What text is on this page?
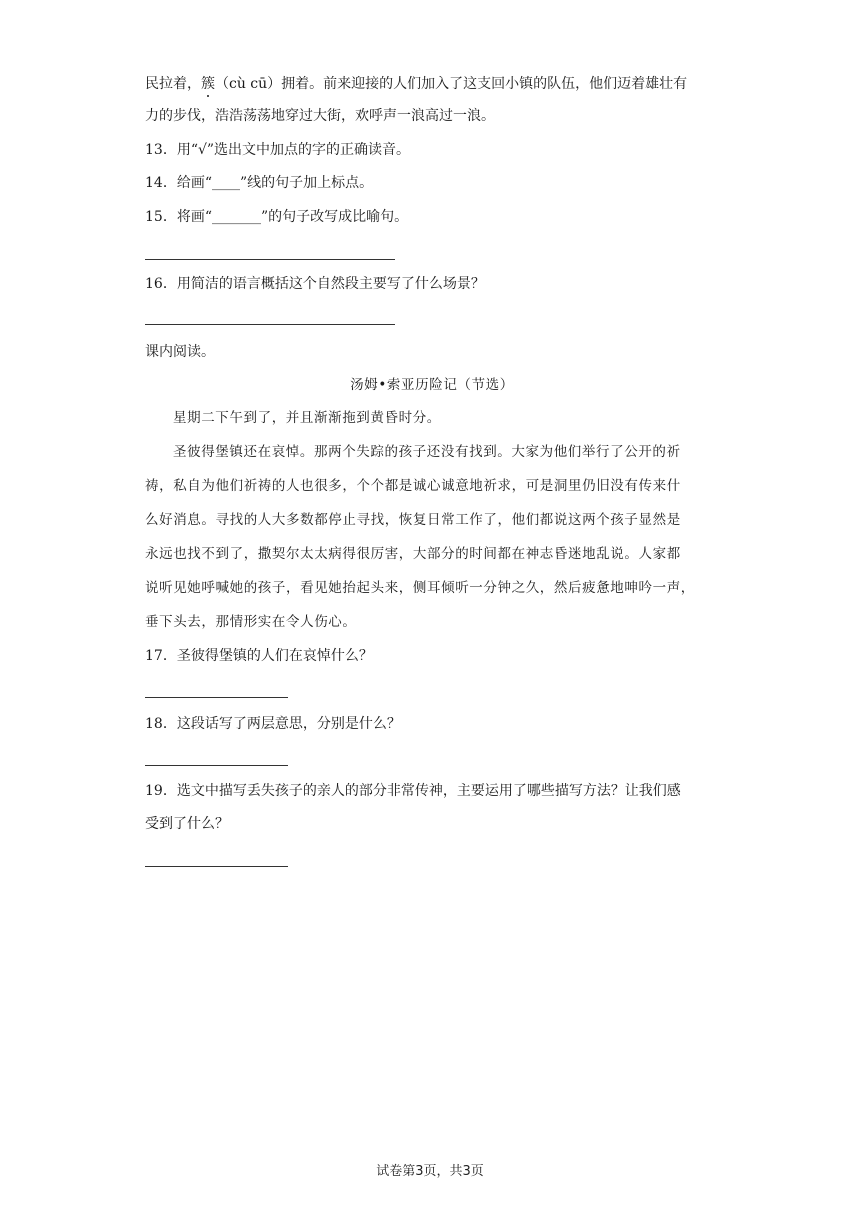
民拉着，簇（cù cū）拥着。前来迎接的人们加入了这支回小镇的队伍，他们迈着雄壮有
力的步伐，浩浩荡荡地穿过大街，欢呼声一浪高过一浪。
13．用“√”选出文中加点的字的正确读音。
14．给画“____”线的句子加上标点。
15．将画“_______”的句子改写成比喻句。
16．用简洁的语言概括这个自然段主要写了什么场景？
课内阅读。
汤姆•索亚历险记（节选）
星期二下午到了，并且渐渐拖到黄昏时分。
圣彼得堡镇还在哀悼。那两个失踪的孩子还没有找到。大家为他们举行了公开的祈
祷，私自为他们祈祷的人也很多，个个都是诚心诚意地祈求，可是洞里仍旧没有传来什
么好消息。寻找的人大多数都停止寻找，恢复日常工作了，他们都说这两个孩子显然是
永远也找不到了，撒契尔太太病得很厉害，大部分的时间都在神志昏迷地乱说。人家都
说听见她呼喊她的孩子，看见她抬起头来，侧耳倾听一分钟之久，然后疲惫地呻吟一声，
垂下头去，那情形实在令人伤心。
17．圣彼得堡镇的人们在哀悼什么？
18．这段话写了两层意思，分别是什么？
19．选文中描写丢失孩子的亲人的部分非常传神，主要运用了哪些描写方法？让我们感
受到了什么？
试卷第3页，共3页
